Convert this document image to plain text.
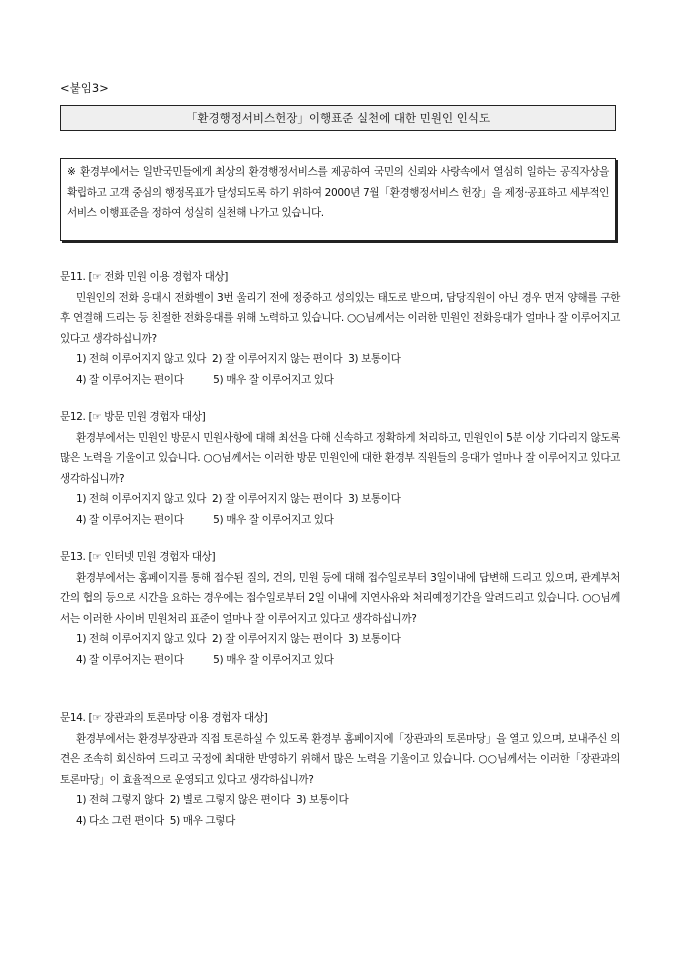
<붙임3>
「환경행정서비스헌장」이행표준 실천에 대한 민원인 인식도
※ 환경부에서는 일반국민들에게 최상의 환경행정서비스를 제공하여 국민의 신뢰와 사랑속에서 열심히 일하는 공직자상을 확립하고 고객 중심의 행정목표가 달성되도록 하기 위하여 2000년 7월「환경행정서비스 헌장」을 제정·공표하고 세부적인 서비스 이행표준을 정하여 성실히 실천해 나가고 있습니다.
문11. [☞ 전화 민원 이용 경험자 대상]
민원인의 전화 응대시 전화벨이 3번 울리기 전에 정중하고 성의있는 태도로 받으며, 담당직원이 아닌 경우 먼저 양해를 구한 후 연결해 드리는 등 친절한 전화응대를 위해 노력하고 있습니다. ○○님께서는 이러한 민원인 전화응대가 얼마나 잘 이루어지고 있다고 생각하십니까?
1) 전혀 이루어지지 않고 있다  2) 잘 이루어지지 않는 편이다  3) 보통이다
4) 잘 이루어지는 편이다          5) 매우 잘 이루어지고 있다
문12. [☞ 방문 민원 경험자 대상]
환경부에서는 민원인 방문시 민원사항에 대해 최선을 다해 신속하고 정확하게 처리하고, 민원인이 5분 이상 기다리지 않도록 많은 노력을 기울이고 있습니다. ○○님께서는 이러한 방문 민원인에 대한 환경부 직원들의 응대가 얼마나 잘 이루어지고 있다고 생각하십니까?
1) 전혀 이루어지지 않고 있다  2) 잘 이루어지지 않는 편이다  3) 보통이다
4) 잘 이루어지는 편이다          5) 매우 잘 이루어지고 있다
문13. [☞ 인터넷 민원 경험자 대상]
환경부에서는 홈페이지를 통해 접수된 질의, 건의, 민원 등에 대해 접수일로부터 3일이내에 답변해 드리고 있으며, 관계부처간의 협의 등으로 시간을 요하는 경우에는 접수일로부터 2일 이내에 지연사유와 처리예정기간을 알려드리고 있습니다. ○○님께서는 이러한 사이버 민원처리 표준이 얼마나 잘 이루어지고 있다고 생각하십니까?
1) 전혀 이루어지지 않고 있다  2) 잘 이루어지지 않는 편이다  3) 보통이다
4) 잘 이루어지는 편이다          5) 매우 잘 이루어지고 있다
문14. [☞ 장관과의 토론마당 이용 경험자 대상]
환경부에서는 환경부장관과 직접 토론하실 수 있도록 환경부 홈페이지에「장관과의 토론마당」을 열고 있으며, 보내주신 의견은 조속히 회신하여 드리고 국정에 최대한 반영하기 위해서 많은 노력을 기울이고 있습니다. ○○님께서는 이러한「장관과의 토론마당」이 효율적으로 운영되고 있다고 생각하십니까?
1) 전혀 그렇지 않다  2) 별로 그렇지 않은 편이다  3) 보통이다
4) 다소 그런 편이다  5) 매우 그렇다
